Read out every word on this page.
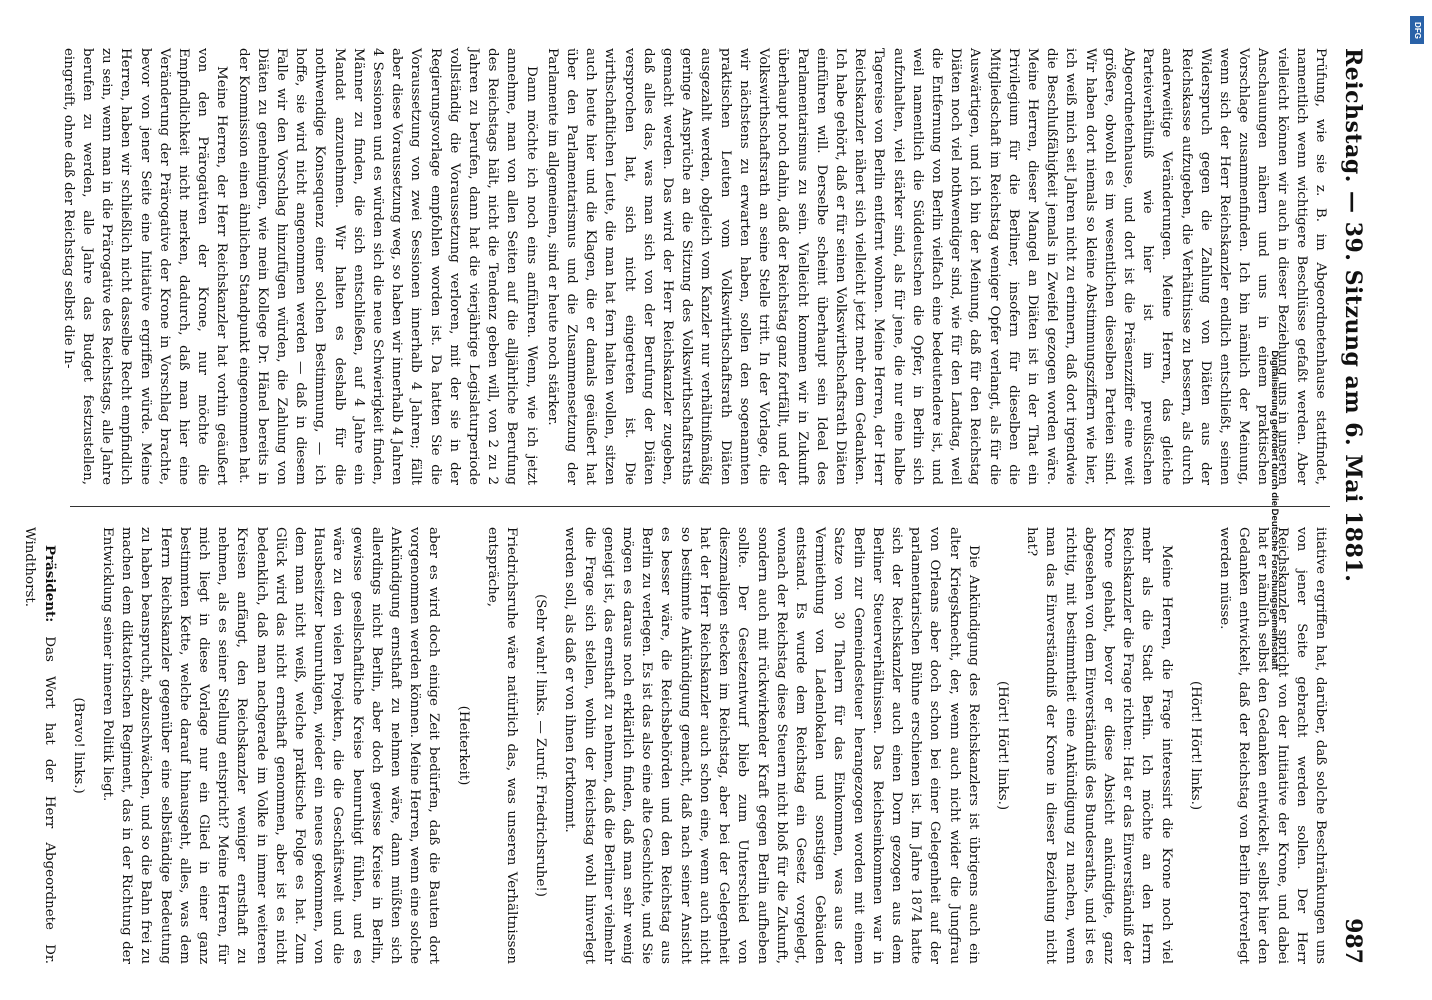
Reichstag. — 39. Sitzung am 6. Mai 1881.
987

Prüfung, wie sie z. B. im Abgeordnetenhause stattfindet, namentlich wenn wichtigere Beschlüsse gefaßt werden. Aber vielleicht können wir auch in dieser Beziehung uns in unseren Anschauungen nähern und uns in einem praktischen Vorschlage zusammenfinden. Ich bin nämlich der Meinung, wenn sich der Herr Reichskanzler endlich entschließt, seinen Widerspruch gegen die Zahlung von Diäten aus der Reichskasse aufzugeben, die Verhältnisse zu bessern, als durch anderweitige Veränderungen. Meine Herren, das gleiche Parteiverhältniß wie hier ist im preußischen Abgeordnetenhause, und dort ist die Präsenzziffer eine weit größere, obwohl es im wesentlichen dieselben Parteien sind. Wir haben dort niemals so kleine Abstimmungsziffern wie hier, ich weiß mich seit Jahren nicht zu erinnern, daß dort irgendwie die Beschlußfähigkeit jemals in Zweifel gezogen worden wäre. Meine Herren, dieser Mangel an Diäten ist in der That ein Privilegium für die Berliner, insofern für dieselben die Mitgliedschaft im Reichstag weniger Opfer verlangt, als für die Auswärtigen, und ich bin der Meinung, daß für den Reichstag Diäten noch viel nothwendiger sind, wie für den Landtag, weil die Entfernung von Berlin vielfach eine bedeutendere ist, und weil namentlich die Süddeutschen die Opfer, in Berlin sich aufzuhalten, viel stärker sind, als für jene, die nur eine halbe Tagereise von Berlin entfernt wohnen. Meine Herren, der Herr Reichskanzler nähert sich vielleicht jetzt mehr dem Gedanken. Ich habe gehört, daß er für seinen Volkswirthschaftsrath Diäten einführen will. Derselbe scheint überhaupt sein Ideal des Parlamentarismus zu sein. Vielleicht kommen wir in Zukunft überhaupt noch dahin, daß der Reichstag ganz fortfällt, und der Volkswirthschaftsrath an seine Stelle tritt. In der Vorlage, die wir nächstens zu erwarten haben, sollen den sogenannten praktischen Leuten vom Volkswirthschaftsrath Diäten ausgezahlt werden, obgleich vom Kanzler nur verhältnißmäßig geringe Ansprüche an die Sitzung des Volkswirthschaftsraths gemacht werden. Das wird der Herr Reichskanzler zugeben, daß alles das, was man sich von der Berufung der Diäten versprochen hat, sich nicht eingetreten ist. Die wirthschaftlichen Leute, die man hat fern halten wollen, sitzen auch heute hier und die Klagen, die er damals geäußert hat über den Parlamentarismus und die Zusammensetzung der Parlamente im allgemeinen, sind er heute noch stärker.

Dann möchte ich noch eins anführen. Wenn, wie ich jetzt annehme, man von allen Seiten auf die alljährliche Berufung des Reichstags hält, nicht die Tendenz geben will, von 2 zu 2 Jahren zu berufen, dann hat die vierjährige Legislaturperiode vollständig die Voraussetzung verloren, mit der sie in der Regierungsvorlage empfohlen worden ist. Da hatten Sie die Voraussetzung von zwei Sessionen innerhalb 4 Jahren; fällt aber diese Voraussetzung weg, so haben wir innerhalb 4 Jahren 4 Sessionen und es würden sich die neue Schwierigkeit finden, Männer zu finden, die sich entschließen, auf 4 Jahre ein Mandat anzunehmen. Wir halten es deshalb für die nothwendige Konsequenz einer solchen Bestimmung, — ich hoffe, sie wird nicht angenommen werden — daß in diesem Falle wir den Vorschlag hinzufügen würden, die Zahlung von Diäten zu genehmigen, wie mein Kollege Dr. Hänel bereits in der Kommission einen ähnlichen Standpunkt eingenommen hat.

Meine Herren, der Herr Reichskanzler hat vorhin geäußert von den Prärogativen der Krone, nur möchte die Empfindlichkeit nicht merken, dadurch, daß man hier eine Veränderung der Prärogative der Krone in Vorschlag brachte, bevor von jener Seite eine Initiative ergriffen würde. Meine Herren, haben wir schließlich nicht dasselbe Recht empfindlich zu sein, wenn man in die Prärogative des Reichstags, alle Jahre berufen zu werden, alle Jahre das Budget festzustellen, eingreift, ohne daß der Reichstag selbst die In-

itiative ergriffen hat, darüber, daß solche Beschränkungen uns von jener Seite gebracht werden sollen. Der Herr Reichskanzler spricht von der Initiative der Krone, und dabei hat er nämlich selbst den Gedanken entwickelt, selbst hier den Gedanken entwickelt, daß der Reichstag von Berlin fortverlegt werden müsse.

(Hört! Hört! links.)

Meine Herren, die Frage interessirt die Krone noch viel mehr als die Stadt Berlin. Ich möchte an den Herrn Reichskanzler die Frage richten: Hat er das Einverständniß der Krone gehabt, bevor er diese Absicht ankündigte, ganz abgesehen von dem Einverständniß des Bundesraths, und ist es richtig, mit bestimmtheit eine Ankündigung zu machen, wenn man das Einverständniß der Krone in dieser Beziehung nicht hat?

(Hört! Hört! links.)

Die Ankündigung des Reichskanzlers ist übrigens auch ein alter Kriegsknecht, der, wenn auch nicht wider die Jungfrau von Orleans aber doch schon bei einer Gelegenheit auf der parlamentarischen Bühne erschienen ist. Im Jahre 1874 hatte sich der Reichskanzler auch einen Dorn gezogen aus dem Berliner Steuerverhältnissen. Das Reichseinkommen war in Berlin zur Gemeindesteuer herangezogen worden mit einem Satze von 30 Thalern für das Einkommen, was aus der Vermiethung von Ladenlokalen und sonstigen Gebäuden entstand. Es wurde dem Reichstag ein Gesetz vorgelegt, wonach der Reichstag diese Steuern nicht bloß für die Zukunft, sondern auch mit rückwirkender Kraft gegen Berlin aufheben sollte. Der Gesetzentwurf blieb zum Unterschied von dieszmaligen stecken im Reichstag, aber bei der Gelegenheit hat der Herr Reichskanzler auch schon eine, wenn auch nicht so bestimmte Ankündigung gemacht, daß nach seiner Ansicht es besser wäre, die Reichsbehörden und den Reichstag aus Berlin zu verlegen. Es ist das also eine alte Geschichte, und Sie mögen es daraus noch erklärlich finden, daß man sehr wenig geneigt ist, das ernsthaft zu nehmen, daß die Berliner vielmehr die Frage sich stellen, wohin der Reichstag wohl hinverlegt werden soll, als daß er von ihnen fortkommt.

(Sehr wahr! links. — Zuruf: Friedrichsruhe!)

Friedrichsruhe wäre natürlich das, was unseren Verhältnissen entspräche,

(Heiterkeit)

aber es wird doch einige Zeit bedürfen, daß die Bauten dort vorgenommen werden können. Meine Herren, wenn eine solche Ankündigung ernsthaft zu nehmen wäre, dann müßten sich allerdings nicht Berlin, aber doch gewisse Kreise in Berlin, gewisse gesellschaftliche Kreise beunruhigt fühlen, und es wäre zu den vielen Projekten, die die Geschäftswelt und die Hausbesitzer beunruhigen, wieder ein neues gekommen, von dem man nicht weiß, welche praktische Folge es hat. Zum Glück wird das nicht ernsthaft genommen, aber ist es nicht bedenklich, daß man nachgerade im Volke in immer weiteren Kreisen anfängt, den Reichskanzler weniger ernsthaft zu nehmen, als es seiner Stellung entspricht? Meine Herren, für mich liegt in diese Vorlage nur ein Glied in einer ganz bestimmten Kette, welche darauf hinausgeht, alles, was dem Herrn Reichskanzler gegenüber eine selbständige Bedeutung zu haben beansprucht, abzuschwächen, und so die Bahn frei zu machen dem diktatorischen Regiment, das in der Richtung der Entwicklung seiner inneren Politik liegt.

(Bravo! links.)

Präsident: Das Wort hat der Herr Abgeordnete Dr. Windthorst.

DFG
Digitalisierung gefördert durch die Deutsche Forschungsgemeinschaft
